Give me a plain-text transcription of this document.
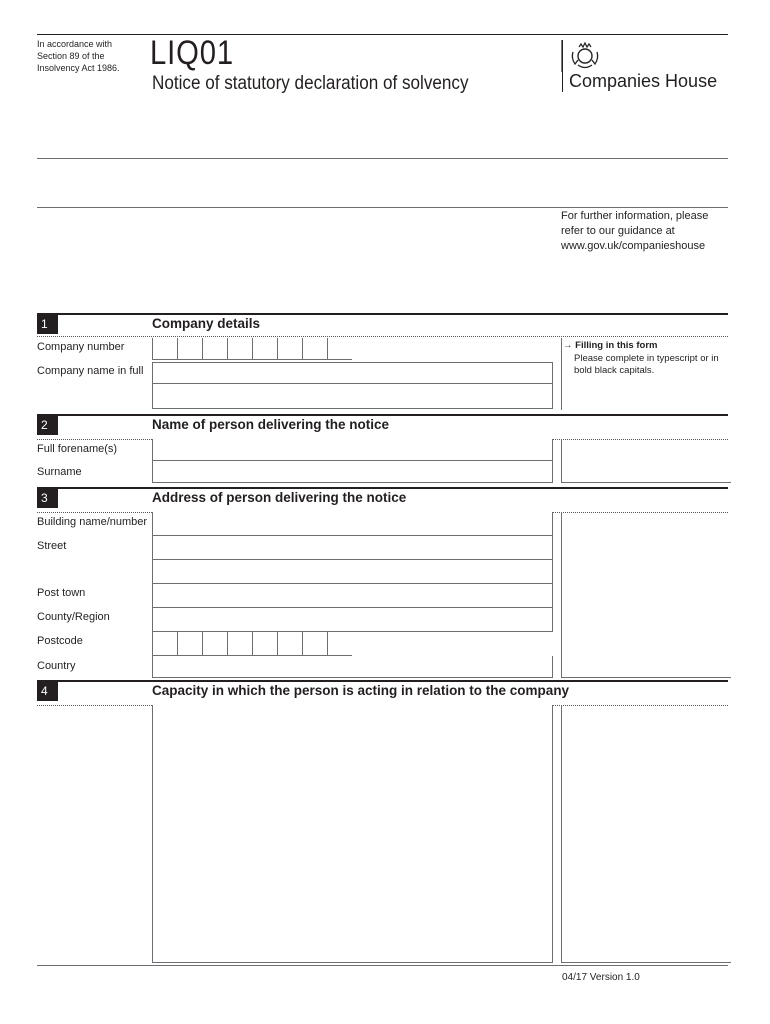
In accordance with
Section 89 of the
Insolvency Act 1986. LIQ01
Notice of statutory declaration of solvency	Companies House
For further information, please refer to our guidance at www.gov.uk/companieshouse
1	Company details
Company number
Company name in full
→ Filling in this form
Please complete in typescript or in bold black capitals.
2	Name of person delivering the notice
Full forename(s)
Surname
3	Address of person delivering the notice
Building name/number
Street
Post town
County/Region
Postcode
Country
4	Capacity in which the person is acting in relation to the company
04/17 Version 1.0
